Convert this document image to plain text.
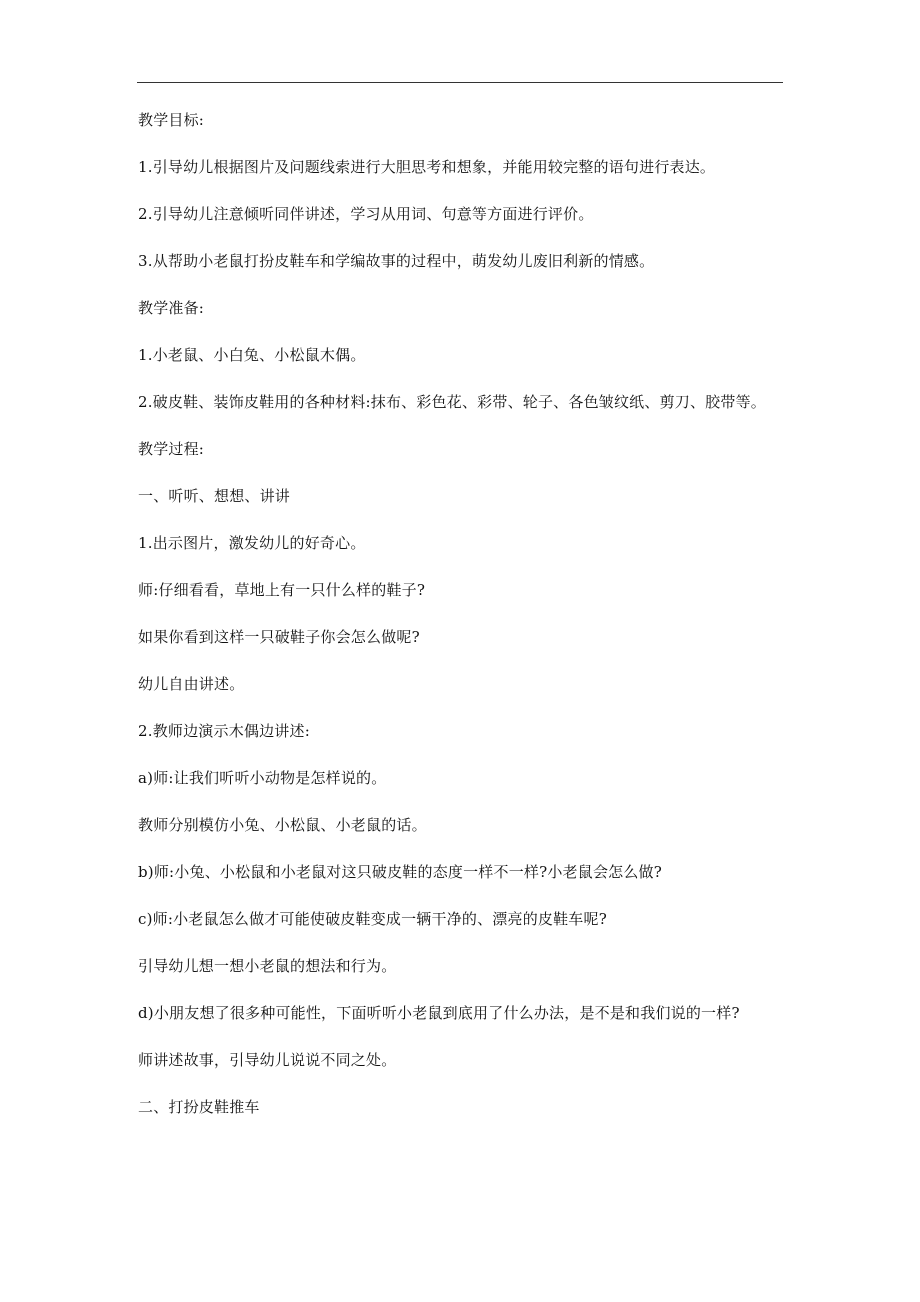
教学目标:
1.引导幼儿根据图片及问题线索进行大胆思考和想象，并能用较完整的语句进行表达。
2.引导幼儿注意倾听同伴讲述，学习从用词、句意等方面进行评价。
3.从帮助小老鼠打扮皮鞋车和学编故事的过程中，萌发幼儿废旧利新的情感。
教学准备:
1.小老鼠、小白兔、小松鼠木偶。
2.破皮鞋、装饰皮鞋用的各种材料:抹布、彩色花、彩带、轮子、各色皱纹纸、剪刀、胶带等。
教学过程:
一、听听、想想、讲讲
1.出示图片，激发幼儿的好奇心。
师:仔细看看，草地上有一只什么样的鞋子?
如果你看到这样一只破鞋子你会怎么做呢?
幼儿自由讲述。
2.教师边演示木偶边讲述:
a)师:让我们听听小动物是怎样说的。
教师分别模仿小兔、小松鼠、小老鼠的话。
b)师:小兔、小松鼠和小老鼠对这只破皮鞋的态度一样不一样?小老鼠会怎么做?
c)师:小老鼠怎么做才可能使破皮鞋变成一辆干净的、漂亮的皮鞋车呢?
引导幼儿想一想小老鼠的想法和行为。
d)小朋友想了很多种可能性，下面听听小老鼠到底用了什么办法，是不是和我们说的一样?
师讲述故事，引导幼儿说说不同之处。
二、打扮皮鞋推车
